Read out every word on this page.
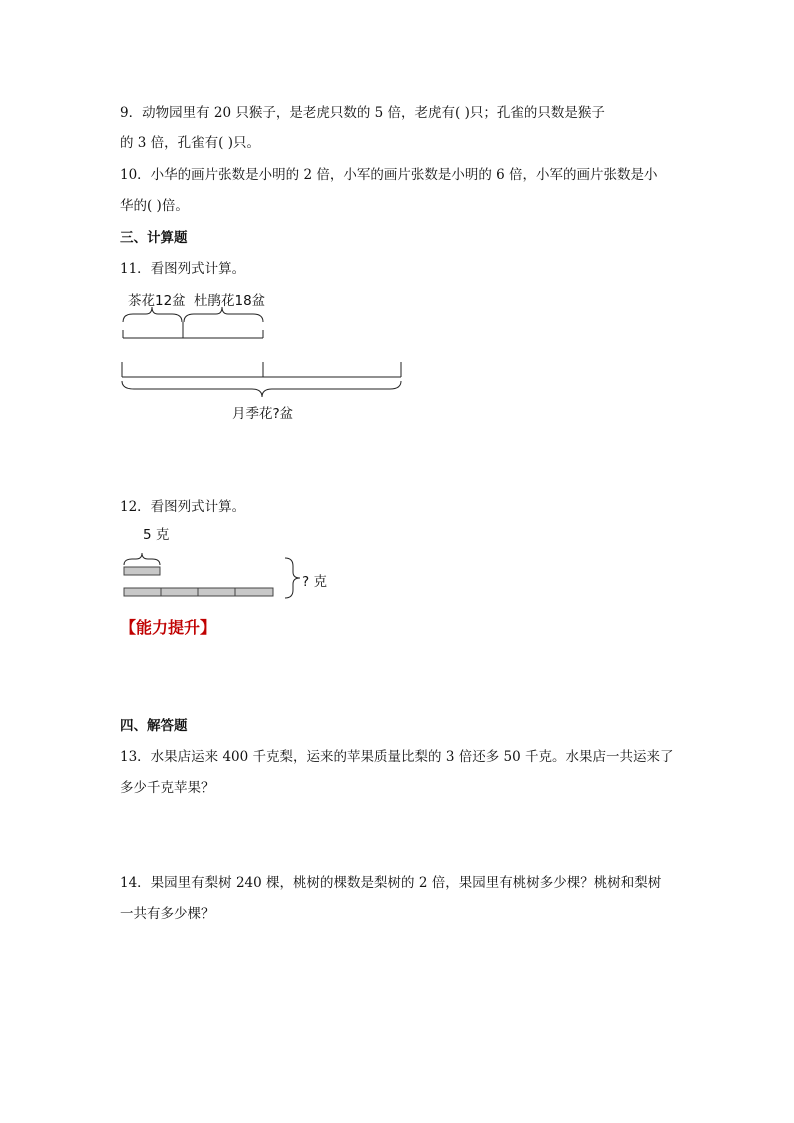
9．动物园里有 20 只猴子，是老虎只数的 5 倍，老虎有( )只；孔雀的只数是猴子
的 3 倍，孔雀有( )只。
10．小华的画片张数是小明的 2 倍，小军的画片张数是小明的 6 倍，小军的画片张数是小
华的( )倍。
三、计算题
11．看图列式计算。
茶花12盆 杜鹃花18盆
月季花?盆
12．看图列式计算。
5 克
? 克
【能力提升】
四、解答题
13．水果店运来 400 千克梨，运来的苹果质量比梨的 3 倍还多 50 千克。水果店一共运来了
多少千克苹果？
14．果园里有梨树 240 棵，桃树的棵数是梨树的 2 倍，果园里有桃树多少棵？桃树和梨树
一共有多少棵？
